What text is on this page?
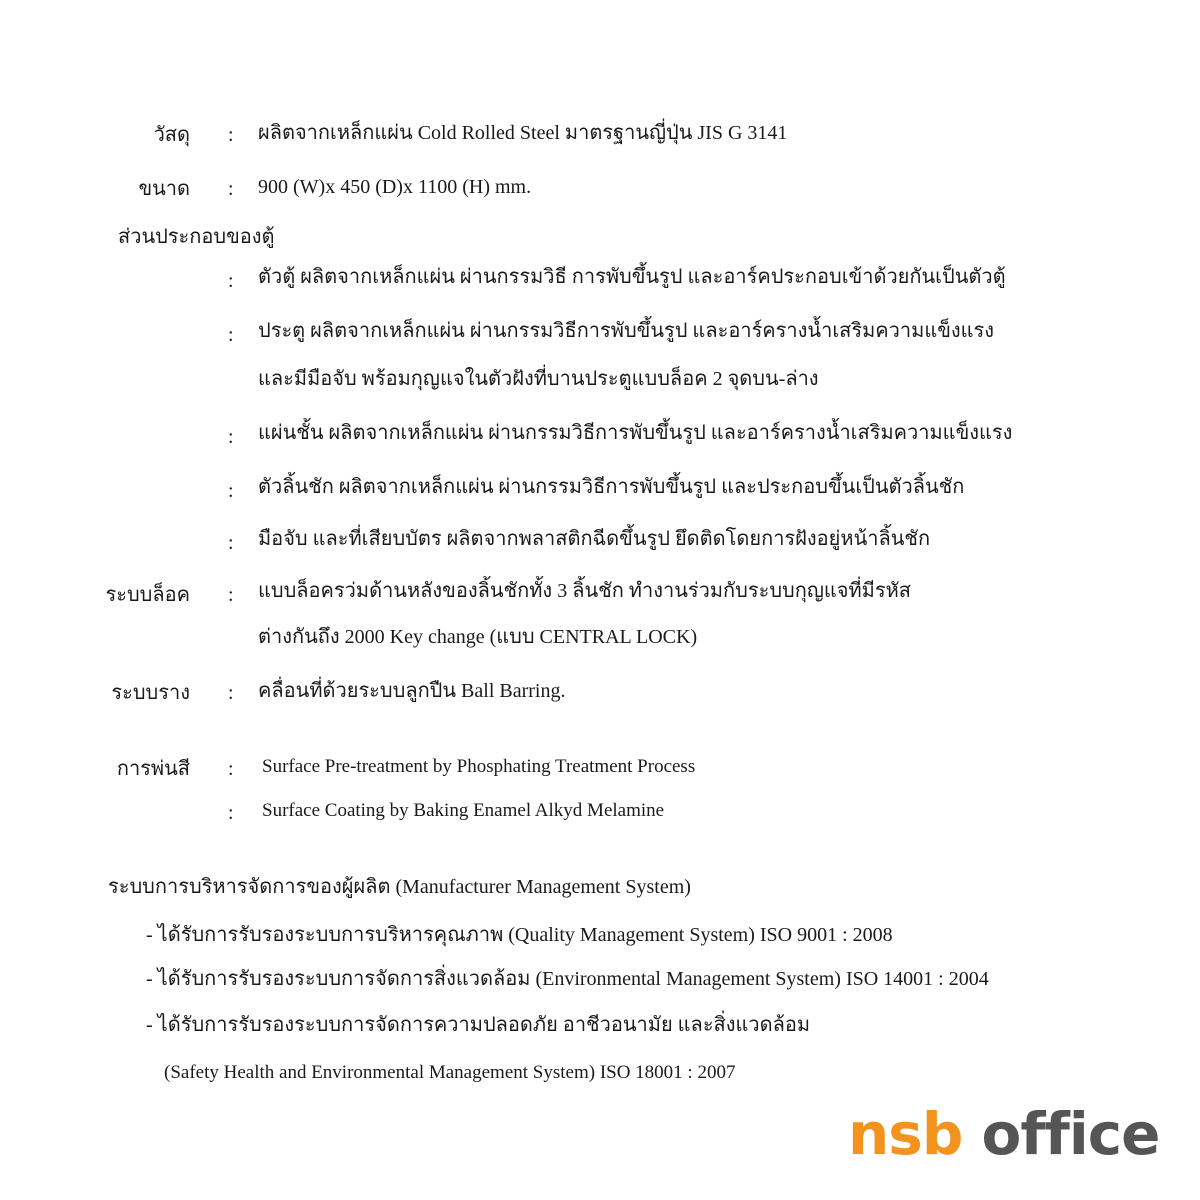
วัสดุ : ผลิตจากเหล็กแผ่น Cold Rolled Steel มาตรฐานญี่ปุ่น JIS G 3141
ขนาด : 900 (W)x 450 (D)x 1100 (H) mm.
ส่วนประกอบของตู้
: ตัวตู้ ผลิตจากเหล็กแผ่น ผ่านกรรมวิธี การพับขึ้นรูป และอาร์คประกอบเข้าด้วยกันเป็นตัวตู้
: ประตู ผลิตจากเหล็กแผ่น ผ่านกรรมวิธีการพับขึ้นรูป และอาร์ครางน้ำเสริมความแข็งแรง
และมีมือจับ พร้อมกุญแจในตัวฝังที่บานประตูแบบล็อค 2 จุดบน-ล่าง
: แผ่นชั้น ผลิตจากเหล็กแผ่น ผ่านกรรมวิธีการพับขึ้นรูป และอาร์ครางน้ำเสริมความแข็งแรง
: ตัวลิ้นชัก ผลิตจากเหล็กแผ่น ผ่านกรรมวิธีการพับขึ้นรูป และประกอบขึ้นเป็นตัวลิ้นชัก
: มือจับ และที่เสียบบัตร ผลิตจากพลาสติกฉีดขึ้นรูป ยึดติดโดยการฝังอยู่หน้าลิ้นชัก
ระบบล็อค : แบบล็อครว่มด้านหลังของลิ้นชักทั้ง 3 ลิ้นชัก ทำงานร่วมกับระบบกุญแจที่มีรหัส
ต่างกันถึง 2000 Key change (แบบ CENTRAL LOCK)
ระบบราง : คลื่อนที่ด้วยระบบลูกปืน Ball Barring.
การพ่นสี : Surface Pre-treatment by Phosphating Treatment Process
: Surface Coating by Baking Enamel Alkyd Melamine
ระบบการบริหารจัดการของผู้ผลิต (Manufacturer Management System)
- ได้รับการรับรองระบบการบริหารคุณภาพ (Quality Management System) ISO 9001 : 2008
- ได้รับการรับรองระบบการจัดการสิ่งแวดล้อม (Environmental Management System) ISO 14001 : 2004
- ได้รับการรับรองระบบการจัดการความปลอดภัย อาชีวอนามัย และสิ่งแวดล้อม
(Safety Health and Environmental Management System) ISO 18001 : 2007
nsb office
